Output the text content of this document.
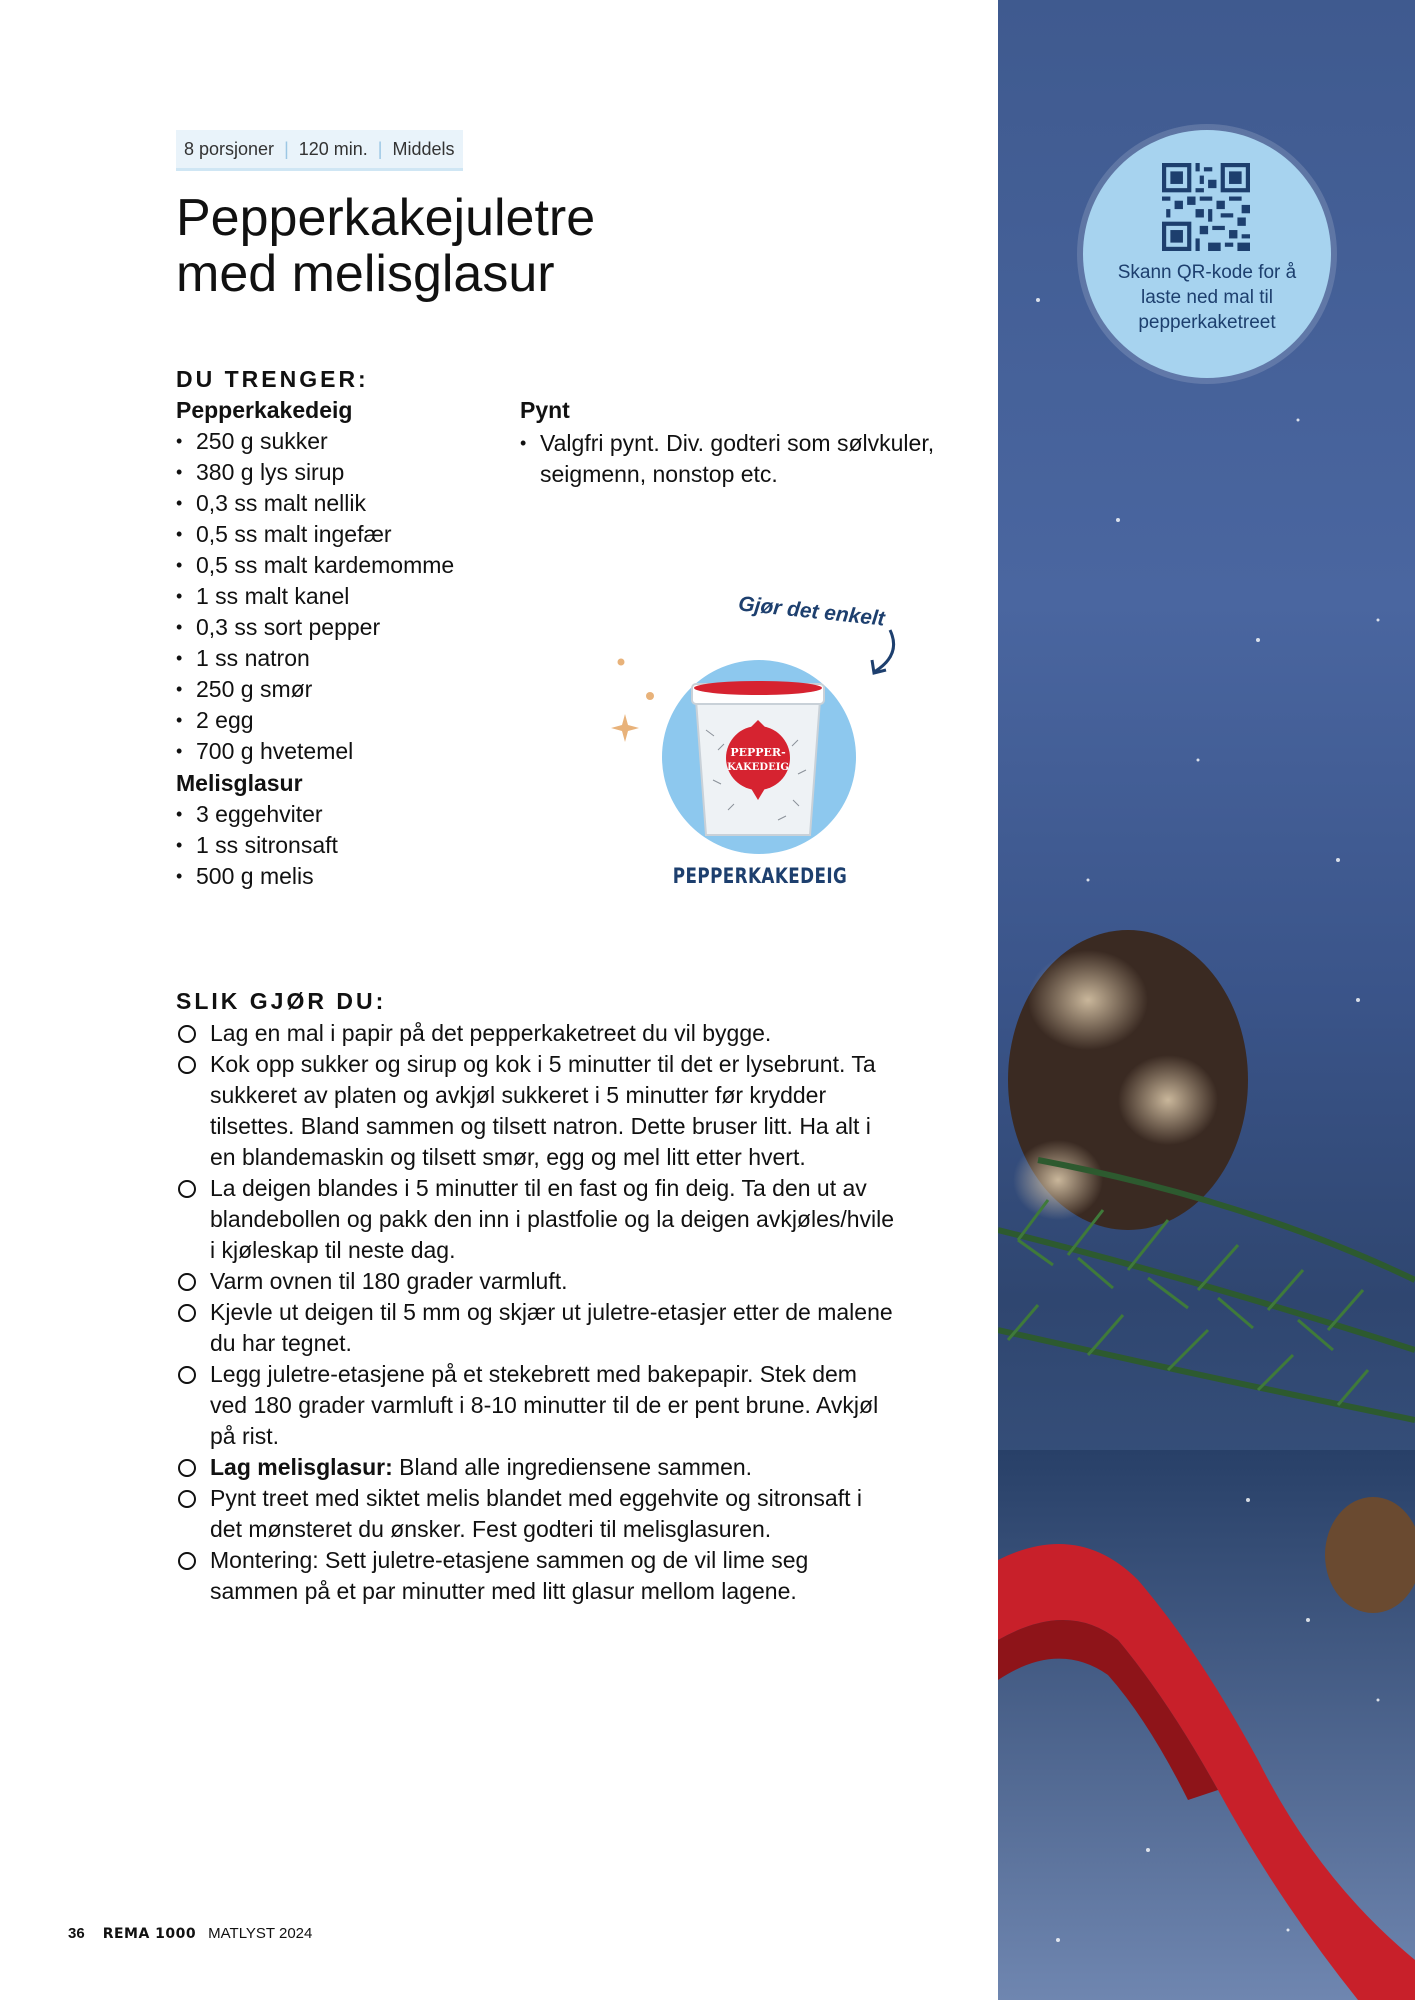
Skann QR-kode for å laste ned mal til pepperkaketreet
8 porsjoner | 120 min. | Middels
Pepperkakejuletre
med melisglasur
DU TRENGER:
Pepperkakedeig
• 250 g sukker
• 380 g lys sirup
• 0,3 ss malt nellik
• 0,5 ss malt ingefær
• 0,5 ss malt kardemomme
• 1 ss malt kanel
• 0,3 ss sort pepper
• 1 ss natron
• 250 g smør
• 2 egg
• 700 g hvetemel
Melisglasur
• 3 eggehviter
• 1 ss sitronsaft
• 500 g melis
Pynt
• Valgfri pynt. Div. godteri som sølvkuler, seigmenn, nonstop etc.
Gjør det enkelt
PEPPER-
KAKEDEIG
PEPPERKAKEDEIG
SLIK GJØR DU:
Lag en mal i papir på det pepperkaketreet du vil bygge.
Kok opp sukker og sirup og kok i 5 minutter til det er lysebrunt. Ta sukkeret av platen og avkjøl sukkeret i 5 minutter før krydder tilsettes. Bland sammen og tilsett natron. Dette bruser litt. Ha alt i en blandemaskin og tilsett smør, egg og mel litt etter hvert.
La deigen blandes i 5 minutter til en fast og fin deig. Ta den ut av blandebollen og pakk den inn i plastfolie og la deigen avkjøles/hvile i kjøleskap til neste dag.
Varm ovnen til 180 grader varmluft.
Kjevle ut deigen til 5 mm og skjær ut juletre-etasjer etter de malene du har tegnet.
Legg juletre-etasjene på et stekebrett med bakepapir. Stek dem ved 180 grader varmluft i 8-10 minutter til de er pent brune. Avkjøl på rist.
Lag melisglasur: Bland alle ingrediensene sammen.
Pynt treet med siktet melis blandet med eggehvite og sitronsaft i det mønsteret du ønsker. Fest godteri til melisglasuren.
Montering: Sett juletre-etasjene sammen og de vil lime seg sammen på et par minutter med litt glasur mellom lagene.
36 REMA 1000 MATLYST 2024
